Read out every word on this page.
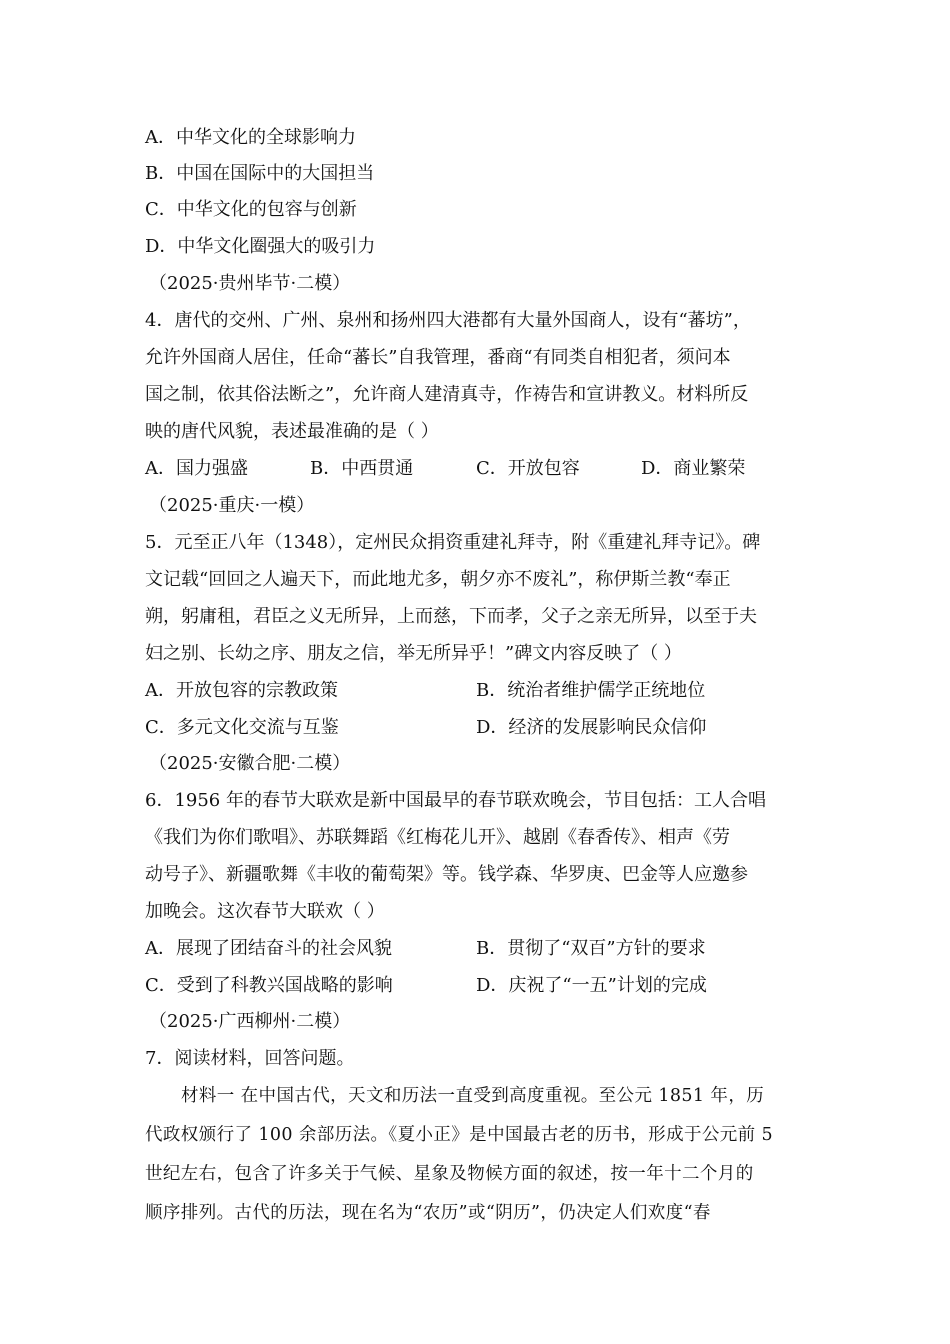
A．中华文化的全球影响力
B．中国在国际中的大国担当
C．中华文化的包容与创新
D．中华文化圈强大的吸引力
（2025·贵州毕节·二模）
4．唐代的交州、广州、泉州和扬州四大港都有大量外国商人，设有“蕃坊”，
允许外国商人居住，任命“蕃长”自我管理，番商“有同类自相犯者，须问本
国之制，依其俗法断之”，允许商人建清真寺，作祷告和宣讲教义。材料所反
映的唐代风貌，表述最准确的是（ ）
A．国力强盛	B．中西贯通	C．开放包容	D．商业繁荣
（2025·重庆·一模）
5．元至正八年（1348），定州民众捐资重建礼拜寺，附《重建礼拜寺记》。碑
文记载“回回之人遍天下，而此地尤多，朝夕亦不废礼”，称伊斯兰教“奉正
朔，躬庸租，君臣之义无所异，上而慈，下而孝，父子之亲无所异，以至于夫
妇之别、长幼之序、朋友之信，举无所异乎！”碑文内容反映了（ ）
A．开放包容的宗教政策	B．统治者维护儒学正统地位
C．多元文化交流与互鉴	D．经济的发展影响民众信仰
（2025·安徽合肥·二模）
6．1956 年的春节大联欢是新中国最早的春节联欢晚会，节目包括：工人合唱
《我们为你们歌唱》、苏联舞蹈《红梅花儿开》、越剧《春香传》、相声《劳
动号子》、新疆歌舞《丰收的葡萄架》等。钱学森、华罗庚、巴金等人应邀参
加晚会。这次春节大联欢（ ）
A．展现了团结奋斗的社会风貌	B．贯彻了“双百”方针的要求
C．受到了科教兴国战略的影响	D．庆祝了“一五”计划的完成
（2025·广西柳州·二模）
7．阅读材料，回答问题。
材料一 在中国古代，天文和历法一直受到高度重视。至公元 1851 年，历
代政权颁行了 100 余部历法。《夏小正》是中国最古老的历书，形成于公元前 5
世纪左右，包含了许多关于气候、星象及物候方面的叙述，按一年十二个月的
顺序排列。古代的历法，现在名为“农历”或“阴历”，仍决定人们欢度“春
